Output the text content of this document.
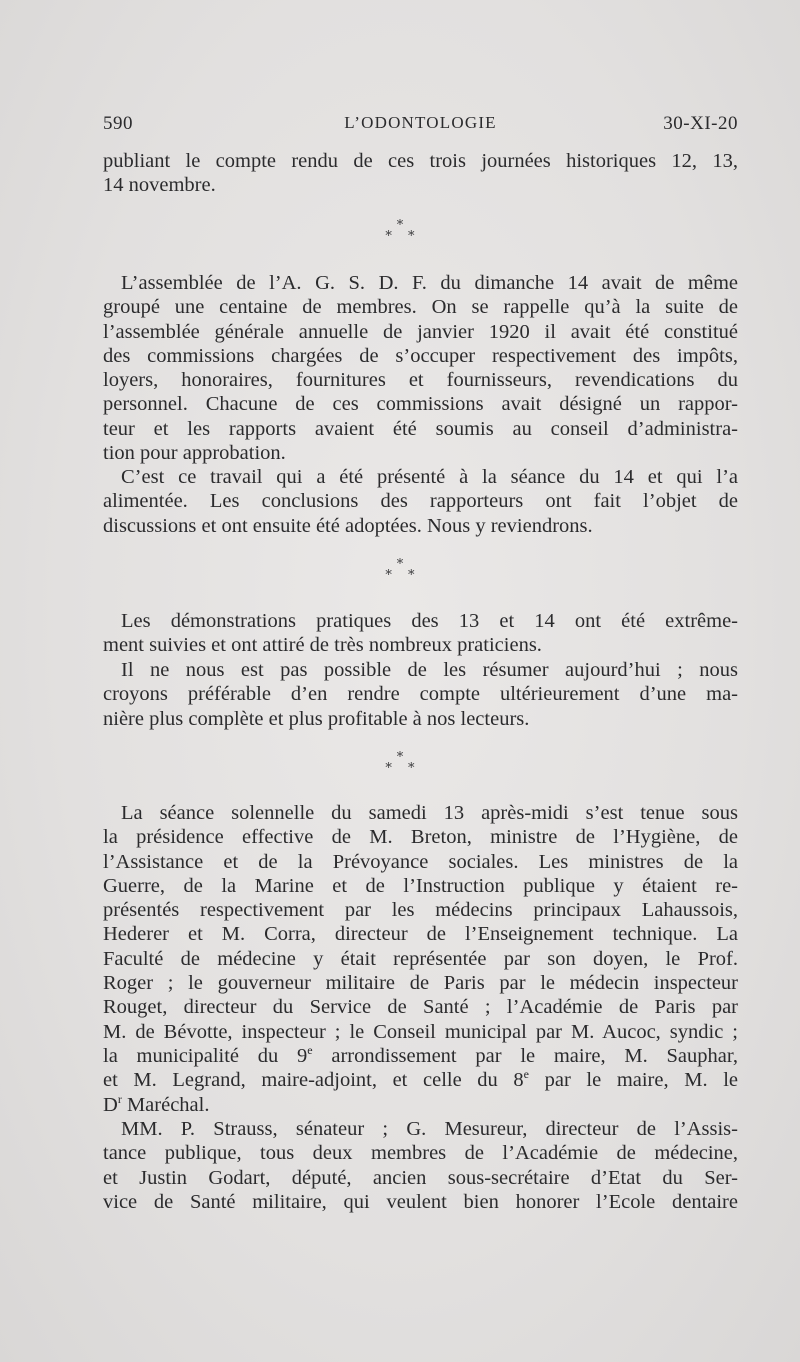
590	L’ODONTOLOGIE	30-XI-20
publiant le compte rendu de ces trois journées historiques 12, 13,
14 novembre.
*
* *
L’assemblée de l’A. G. S. D. F. du dimanche 14 avait de même
groupé une centaine de membres. On se rappelle qu’à la suite de
l’assemblée générale annuelle de janvier 1920 il avait été constitué
des commissions chargées de s’occuper respectivement des impôts,
loyers, honoraires, fournitures et fournisseurs, revendications du
personnel. Chacune de ces commissions avait désigné un rappor-
teur et les rapports avaient été soumis au conseil d’administra-
tion pour approbation.
C’est ce travail qui a été présenté à la séance du 14 et qui l’a
alimentée. Les conclusions des rapporteurs ont fait l’objet de
discussions et ont ensuite été adoptées. Nous y reviendrons.
*
* *
Les démonstrations pratiques des 13 et 14 ont été extrême-
ment suivies et ont attiré de très nombreux praticiens.
Il ne nous est pas possible de les résumer aujourd’hui ; nous
croyons préférable d’en rendre compte ultérieurement d’une ma-
nière plus complète et plus profitable à nos lecteurs.
*
* *
La séance solennelle du samedi 13 après-midi s’est tenue sous
la présidence effective de M. Breton, ministre de l’Hygiène, de
l’Assistance et de la Prévoyance sociales. Les ministres de la
Guerre, de la Marine et de l’Instruction publique y étaient re-
présentés respectivement par les médecins principaux Lahaussois,
Hederer et M. Corra, directeur de l’Enseignement technique. La
Faculté de médecine y était représentée par son doyen, le Prof.
Roger ; le gouverneur militaire de Paris par le médecin inspecteur
Rouget, directeur du Service de Santé ; l’Académie de Paris par
M. de Bévotte, inspecteur ; le Conseil municipal par M. Aucoc, syndic ;
la municipalité du 9e arrondissement par le maire, M. Sauphar,
et M. Legrand, maire-adjoint, et celle du 8e par le maire, M. le
$D^r$ Maréchal.
MM. P. Strauss, sénateur ; G. Mesureur, directeur de l’Assis-
tance publique, tous deux membres de l’Académie de médecine,
et Justin Godart, député, ancien sous-secrétaire d’Etat du Ser-
vice de Santé militaire, qui veulent bien honorer l’Ecole dentaire
